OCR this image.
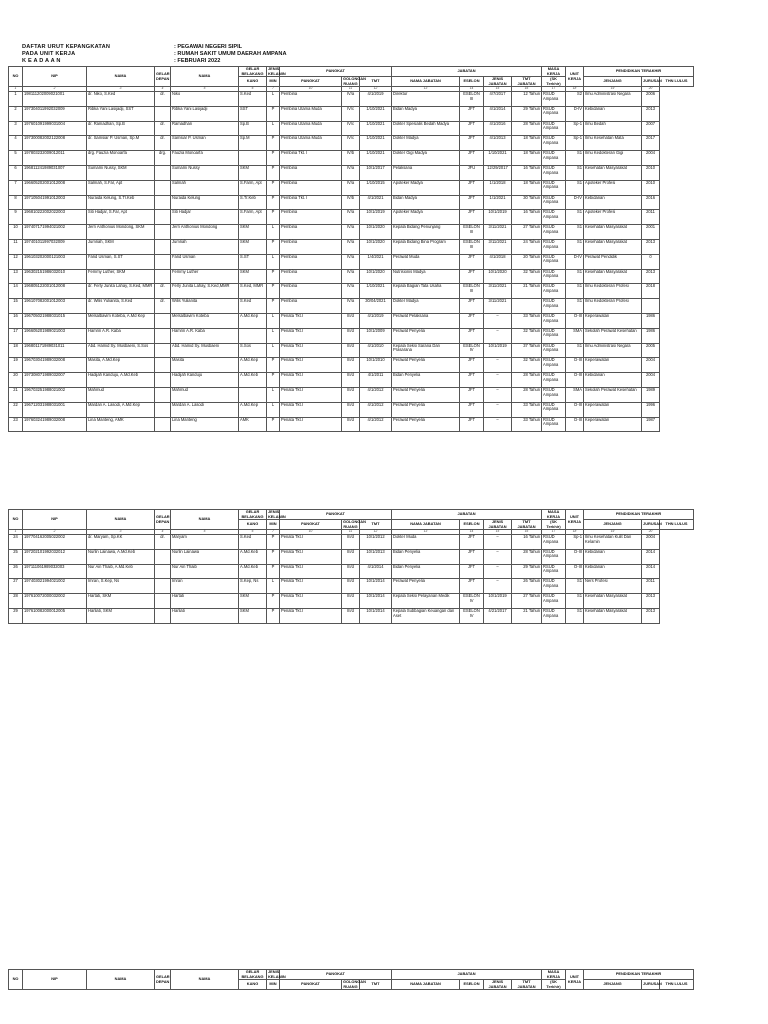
DAFTAR URUT KEPANGKATAN	: PEGAWAI NEGERI SIPIL
PADA UNIT KERJA	: RUMAH SAKIT UMUM DAERAH AMPANA
K E A D A A N	: FEBRUARI 2022
NO	NIP	NAMA	GELAR DEPAN	NAMA	GELAR BELAKANG	JENIS KELAMIN	PANGKAT			JABATAN				MASA KERJA	UNIT KERJA	PENDIDIKAN TERAKHIR		
					KANG	MIN	PANGKAT	GOLONGAN RUANG	TMT	NAMA JABATAN	ESELON	JENIS JABATAN	TMT JABATAN	(SK Terkhir)		JENJANG	JURUSAN	THN LULUS

1	2	3	4	5	6	7	10	11	12	13	14	15	16	17	18	19	20	
1	198111202009021001	dr. Niko, S.Ked	dr.	Niko	S.Ked	L	Pembina	IV/a	4/1/2019	Direktur	ESELON III	4/7/2017	12 Tahun	RSUD Ampana	S2	Ilmu Administrasi Negara	2006	
2	197304011992032009	Ribka Yani Lasijadji, SST		Ribka Yani Lasijadji	SST	P	Pembina Utama Muda	IV/c	1/10/2021	Bidan Madya	JFT	4/1/2014	29 Tahun	RSUD Ampana	D-IV	Kebidanan	2013	
3	197601091999031004	dr. Ramadhan, Sp.B	dr.	Ramadhan	Sp.B	L	Pembina Utama Muda	IV/c	1/10/2021	Dokter Spesialis Bedah Madya	JFT	4/1/2016	28 Tahun	RSUD Ampana	Sp-1	Ilmu Bedah	2007	
4	197300082002122008	dr. Samsiar P. Usman, Sp.M	dr.	Samsiar P. Usman	Sp.M	P	Pembina Utama Muda	IV/c	1/10/2021	Dokter Madya	JFT	4/1/2013	18 Tahun	RSUD Ampana	Sp-1	Ilmu Kesehatan Mata	2017	
5	197803232009012011	drg. Fauzia Monoarfa	drg.	Fauzia Monoarfa		P	Pembina Tkt. I	IV/b	1/10/2021	Dokter Gigi Madya	JFT	1/10/2021	18 Tahun	RSUD Ampana	S1	Ilmu Kedokteran Gigi	2004	
6	196811241989031007	Sumarni Nussy, SKM		Sumarni Nussy	SKM	P	Pembina	IV/a	10/1/2017	Pelaksana	JFU	12/29/2017	16 Tahun	RSUD Ampana	S1	Kesehatan Masyarakat	2010	
7	196605202001012008	Salmah, S.Far, Apt		Salmah	S.Farm, Apt	P	Pembina	IV/a	1/10/2015	Apoteker Madya	JFT	1/1/2018	18 Tahun	RSUD Ampana	S1	Apoteker Profesi	2010	
8	197105041991012003	Nuraida Kelung, S.Tr.Keb		Nuraida Kelung	S.Tr.Keb	P	Pembina Tkt. I	IV/b	4/1/2021	Bidan Madya	JFT	1/1/2021	30 Tahun	RSUD Ampana	D-IV	Kebidanan	2016	
9	196810222002022003	Siti Hadjar, S.Far, Apt		Siti Hadjar	S.Farm, Apt	P	Pembina	IV/a	10/1/2019	Apoteker Madya	JFT	10/1/2019	16 Tahun	RSUD Ampana	S1	Apoteker Profesi	2011	
10	197407171994021002	Jerri Anthonius Mondong, SKM		Jerri Anthonius Mondong	SKM	L	Pembina	IV/a	10/1/2020	Kepala Bidang Penunjang	ESELON III	3/11/2021	27 Tahun	RSUD Ampana	S1	Kesehatan Masyarakat	2001	
11	197401011997032009	Jumriah, SKM		Jumriah	SKM	P	Pembina	IV/a	10/1/2020	Kepala Bidang Bina Program	ESELON III	3/11/2021	24 Tahun	RSUD Ampana	S1	Kesehatan Masyarakat	2013	
12	196103202000121003	Farid Usman, S.ST		Farid Usman	S.ST	L	Pembina	IV/a	1/4/2021	Perawat Muda	JFT	4/1/2018	20 Tahun	RSUD Ampana	D-IV	Perawat Pendidik	0	
13	196302151986032010	Femmy Luther, SKM		Femmy Luther	SKM	P	Pembina	IV/a	10/1/2020	Nutrisionis Madya	JFT	10/1/2020	32 Tahun	RSUD Ampana	S1	Kesehatan Masyarakat	2013	
14	196805122001012008	dr. Ferly Junita Lahay, S.Ked, MMR	dr.	Ferly Junita Lahay, S.Ked,MMR	S.Ked, MMR	P	Pembina	IV/a	1/10/2021	Kepala Bagian Tata Usaha	ESELON III	3/11/2021	21 Tahun	RSUD Ampana	S1	Ilmu Kedokteran Profesi	2018	
15	196107082001012003	dr. Wilis Yulianita, S.Ked	dr.	Wilis Yulianita	S.Ked	P	Pembina	IV/a	30/04/2021	Dokter Madya	JFT	3/11/2021		RSUD Ampana	S1	Ilmu Kedokteran Profesi		
16	196705021988031015	Melsalbavim Koteba, A.Md Kep		Melsalbavim Koteba	A.Md.Kep	L	Penata Tkt.I	III/d	4/1/2019	Perawat Pelaksana	JFT	–	33 Tahun	RSUD Ampana	D-III	Keperawatan	1986	
17	196605201989021003	Hamrin A.R. Kaba		Hamrin A.R. Kaba		L	Penata Tkt.I	III/d	10/1/2009	Perawat Penyelia	JFT	–	32 Tahun	RSUD Ampana	SMA	Sekolah Perawat Kesehatan	1986	
18	196801171989031011	Abd. Hamid Sy. Musbaeni, S.Sos		Abd. Hamid Sy. Musbaeni	S.Sos	L	Penata Tkt.I	III/d	4/1/2010	Kepala Seksi Sarana Dan Prasarana	ESELON IV	10/1/2019	37 Tahun	RSUD Ampana	S1	Ilmu Administrasi Negara	2005	
19	196703041989032008	Masita, A.Md.Kep		Masita	A.Md.Kep	P	Penata Tkt.I	III/d	10/1/2010	Perawat Penyelia	JFT	–	32 Tahun	RSUD Ampana	D-III	Keperawatan	2004	
20	197308071989032007	Hadijah Kanduju, A.Md.Keb		Hadijah Kanduju	A.Md.Keb	P	Penata Tkt.I	III/d	4/1/2011	Bidan Penyelia	JFT	–	28 Tahun	RSUD Ampana	D-III	Kebidanan	2004	
21	196703251988021002	Mahmud		Mahmud		L	Penata Tkt.I	III/d	4/1/2012	Perawat Penyelia	JFT	–	28 Tahun	RSUD Ampana	SMA	Sekolah Perawat Kesehatan	1989	
22	196712031988031001	Mardan A. Lasodi, A.Md.Kep		Mardan A. Lasodi	A.Md.Kep	L	Penata Tkt.I	III/d	4/1/2012	Perawat Penyelia	JFT	–	33 Tahun	RSUD Ampana	D-III	Keperawatan	1996	
23	197603241989032008	Lina Manteng, AMK		Lina Manteng	AMK	P	Penata Tkt.I	III/d	4/1/2012	Perawat Penyelia	JFT	–	33 Tahun	RSUD Ampana	D-III	Keperawatan	1987	
NO	NIP	NAMA	GELAR DEPAN	NAMA	GELAR BELAKANG	JENIS KELAMIN	PANGKAT			JABATAN				MASA KERJA	UNIT KERJA	PENDIDIKAN TERAKHIR		
					KANG	MIN	PANGKAT	GOLONGAN RUANG	TMT	NAMA JABATAN	ESELON	JENIS JABATAN	TMT JABATAN	(SK Terkhir)		JENJANG	JURUSAN	THN LULUS

1	2	3	4	5	6	7	10	11	12	13	14	15	16	17	18	19	20	
24	197704162005022002	dr. Maryam, Sp.KK	dr.	Maryam	S.Ked	P	Penata Tkt.I	III/d	10/1/2012	Dokter Muda	JFT	–	16 Tahun	RSUD Ampana	Sp-1	Ilmu Kesehatan Kulit Dan Kelamin	2004	
25	197202101992032012	Nurlin Lainawa, A.Md.Keb		Nurlin Lainawa	A.Md.Keb	P	Penata Tkt.I	III/d	10/1/2013	Bidan Penyelia	JFT	–	28 Tahun	RSUD Ampana	D-III	Kebidanan	2014	
26	197111061989032003	Nur Ain Thaib, A.Md.Keb		Nur Ain Thaib	A.Md.Keb	P	Penata Tkt.I	III/d	4/1/2014	Bidan Penyelia	JFT	–	29 Tahun	RSUD Ampana	D-III	Kebidanan	2014	
27	197403021994021002	Imran, S.Kep, Ns		Imran	S.Kep, Ns	L	Penata Tkt.I	III/d	10/1/2014	Perawat Penyelia	JFT	–	26 Tahun	RSUD Ampana	S1	Ners Profesi	2011	
28	197610072000032002	Hartati, SKM		Hartati	SKM	P	Penata Tkt.I	III/d	10/1/2014	Kepala Seksi Pelayanan Medik	ESELON IV	10/1/2019	27 Tahun	RSUD Ampana	S1	Kesehatan Masyarakat	2013	
29	197610082000012005	Harliati, SKM		Harliati	SKM	P	Penata Tkt.I	III/d	10/1/2014	Kepala Subbagian Keuangan dan Aset	ESELON IV	4/21/2017	21 Tahun	RSUD Ampana	S1	Kesehatan Masyarakat	2013	
NO	NIP	NAMA	GELAR DEPAN	NAMA	GELAR BELAKANG	JENIS KELAMIN	PANGKAT			JABATAN				MASA KERJA	UNIT KERJA	PENDIDIKAN TERAKHIR		
					KANG	MIN	PANGKAT	GOLONGAN RUANG	TMT	NAMA JABATAN	ESELON	JENIS JABATAN	TMT JABATAN	(SK Terkhir)		JENJANG	JURUSAN	THN LULUS
